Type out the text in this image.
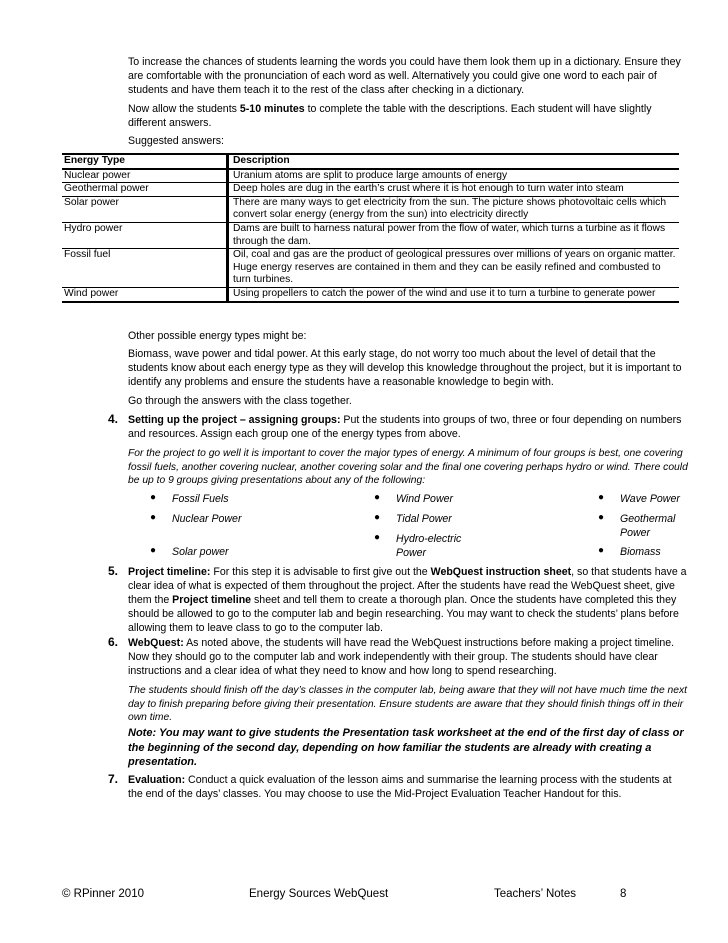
To increase the chances of students learning the words you could have them look them up in a dictionary. Ensure they are comfortable with the pronunciation of each word as well. Alternatively you could give one word to each pair of students and have them teach it to the rest of the class after checking in a dictionary.

Now allow the students 5-10 minutes to complete the table with the descriptions. Each student will have slightly different answers.

Suggested answers:

Energy Type		Description
Nuclear power		Uranium atoms are split to produce large amounts of energy
Geothermal power		Deep holes are dug in the earth’s crust where it is hot enough to turn water into steam
Solar power		There are many ways to get electricity from the sun. The picture shows photovoltaic cells which convert solar energy (energy from the sun) into electricity directly
Hydro power		Dams are built to harness natural power from the flow of water, which turns a turbine as it flows through the dam.
Fossil fuel		Oil, coal and gas are the product of geological pressures over millions of years on organic matter. Huge energy reserves are contained in them and they can be easily refined and combusted to turn turbines.
Wind power		Using propellers to catch the power of the wind and use it to turn a turbine to generate power

Other possible energy types might be:

Biomass, wave power and tidal power. At this early stage, do not worry too much about the level of detail that the students know about each energy type as they will develop this knowledge throughout the project, but it is important to identify any problems and ensure the students have a reasonable knowledge to begin with.

Go through the answers with the class together.

4. Setting up the project – assigning groups: Put the students into groups of two, three or four depending on numbers and resources. Assign each group one of the energy types from above.

For the project to go well it is important to cover the major types of energy. A minimum of four groups is best, one covering fossil fuels, another covering nuclear, another covering solar and the final one covering perhaps hydro or wind. There could be up to 9 groups giving presentations about any of the following:

● Fossil Fuels
● Nuclear Power
● Solar power
● Wind Power
● Tidal Power
● Hydro-electric Power
● Wave Power
● Geothermal Power
● Biomass
5. Project timeline: For this step it is advisable to first give out the WebQuest instruction sheet, so that students have a clear idea of what is expected of them throughout the project. After the students have read the WebQuest sheet, give them the Project timeline sheet and tell them to create a thorough plan. Once the students have completed this they should be allowed to go to the computer lab and begin researching. You may want to check the students’ plans before allowing them to leave class to go to the computer lab.

6. WebQuest: As noted above, the students will have read the WebQuest instructions before making a project timeline. Now they should go to the computer lab and work independently with their group. The students should have clear instructions and a clear idea of what they need to know and how long to spend researching.

The students should finish off the day’s classes in the computer lab, being aware that they will not have much time the next day to finish preparing before giving their presentation. Ensure students are aware that they should finish things off in their own time.

Note: You may want to give students the Presentation task worksheet at the end of the first day of class or the beginning of the second day, depending on how familiar the students are already with creating a presentation.

7. Evaluation: Conduct a quick evaluation of the lesson aims and summarise the learning process with the students at the end of the days’ classes. You may choose to use the Mid-Project Evaluation Teacher Handout for this.

© RPinner 2010	Energy Sources WebQuest	Teachers’ Notes	8
